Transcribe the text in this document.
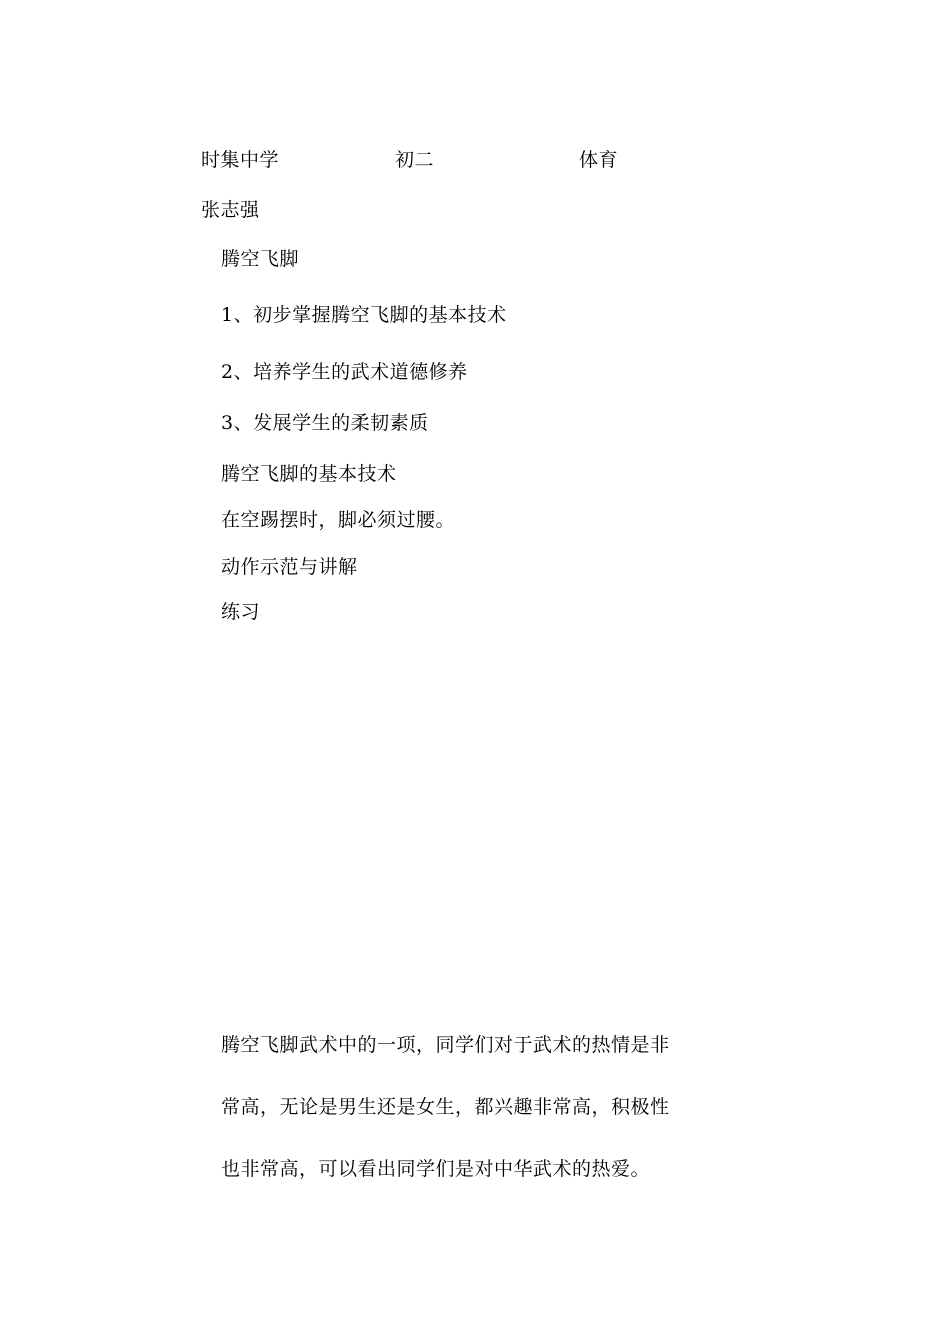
时集中学	初二	体育
张志强
腾空飞脚
1、初步掌握腾空飞脚的基本技术
2、培养学生的武术道德修养
3、发展学生的柔韧素质
腾空飞脚的基本技术
在空踢摆时，脚必须过腰。
动作示范与讲解
练习
腾空飞脚武术中的一项，同学们对于武术的热情是非
常高，无论是男生还是女生，都兴趣非常高，积极性
也非常高，可以看出同学们是对中华武术的热爱。
